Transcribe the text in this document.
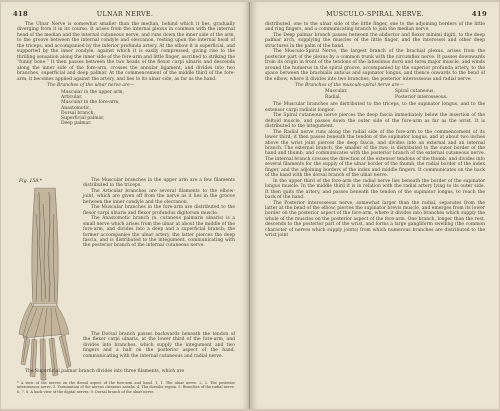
418	ULNAR NERVE.

The Ulnar Nerve is somewhat smaller than the median, behind which it lies, gradually diverging from it in its course. It arises from the internal plexus in common with the internal head of the median and the internal cutaneous nerve, and runs down the inner side of the arm, to the groove between the internal condyle and olecranon, resting upon the internal head of the triceps, and accompanied by the inferior profunda artery. At the elbow it is superficial, and supported by the inner condyle, against which it is easily compressed, giving rise to the thrilling sensation along the inner side of the fore-arm and little finger, ascribed to striking the “funny bone.” It then passes between the two heads of the flexor carpi ulnaris and descends along the inner side of the fore-arm, crosses the annular ligament, and divides into two branches, superficial and deep palmar. At the commencement of the middle third of the fore-arm, it becomes applied against the artery, and lies to its ulnar side, as far as the hand.

The Branches of the ulnar nerve are—

Muscular in the upper arm,
Articular,
Muscular in the fore-arm,
Anastomotic,
Dorsal branch,
Superficial palmar,
Deep palmar.
Fig. 158.*	The Muscular branches in the upper arm are a few filaments distributed to the triceps.

The Articular branches are several filaments to the elbow-joint, which are given off from the nerve as it lies in the groove between the inner condyle and the olecranon.

The Muscular branches in the fore-arm are distributed to the flexor carpi ulnaris and flexor profundus digitorum muscle.

The Anastomotic branch (n. cutaneus palmaris ulnaris) is a small nerve which arises from the ulnar at about the middle of the fore-arm, and divides into a deep and a superficial branch; the former accompanies the ulnar artery, the latter pierces the deep fascia, and is distributed to the integument, communicating with the posterior branch of the internal cutaneous nerve.

The Dorsal branch passes backwards beneath the tendon of the flexor carpi ulnaris, at the lower third of the fore-arm, and divides into branches, which supply the integument and two fingers and a half on the posterior aspect of the hand, communicating with the internal cutaneous and radial nerve.

The Superficial palmar branch divides into three filaments, which are

* A view of the nerves on the dorsal aspect of the fore-arm and hand. 1, 1. The ulnar nerve. 2, 2. The posterior interosseous nerve. 3. Termination of the nervus cutaneus nasalis. 4. The dorsalis region. 5. Branches of the radial nerve. 6, 7, 8. A back view of the digital nerves. 9. Dorsal branch of the ulnar nerve.
MUSCULO-SPIRAL NERVE.	419

distributed, one to the ulnar side of the little finger, one to the adjoining borders of the little and ring fingers, and a communicating branch to join the median nerve.

The Deep palmar branch passes between the abductor and flexor minimi digiti, to the deep palmar arch, supplying the muscles of the little finger, and the interossei and other deep structures in the palm of the hand.

The Musculo-Spiral Nerve, the largest branch of the brachial plexus, arises from the posterior part of the plexus by a common trunk with the circumflex nerve. It passes downwards from its origin in front of the tendons of the latissimus dorsi and teres major muscle, and winds around the humerus in the spiral groove, accompanied by the superior profunda artery, to the space between the brachialis anticus and supinator longus, and thence onwards to the bend of the elbow, where it divides into two branches, the posterior interosseous and radial nerve.

The Branches of the musculo-spiral nerve are—

Muscular,
Radial,
Spiral cutaneous,
Posterior interosseous.

The Muscular branches are distributed to the triceps, to the supinator longus, and to the extensor carpi radialis longior.

The Spiral cutaneous nerve pierces the deep fascia immediately below the insertion of the deltoid muscle, and passes down the outer side of the fore-arm as far as the wrist. It is distributed to the integument.

The Radial nerve runs along the radial side of the fore-arm to the commencement of its lower third; it then passes beneath the tendon of the supinator longus, and at about two inches above the wrist joint pierces the deep fascia, and divides into an external and an internal branch. The external branch, the smaller of the two, is distributed to the outer border of the hand and thumb, and communicates with the posterior branch of the external cutaneous nerve. The internal branch crosses the direction of the extensor tendons of the thumb, and divides into several filaments for the supply of the ulnar border of the thumb, the radial border of the index finger, and the adjoining borders of the index and middle fingers. It communicates on the back of the hand with the dorsal branch of the ulnar nerve.

In the upper third of the fore-arm the radial nerve lies beneath the border of the supinator longus muscle. In the middle third it is in relation with the radial artery lying to its outer side. It then quits the artery, and passes beneath the tendon of the supinator longus, to reach the back of the hand.

The Posterior interosseous nerve, somewhat larger than the radial, separates from the latter at the bend of the elbow, pierces the supinator brevis muscle, and emerges from its lower border on the posterior aspect of the fore-arm, where it divides into branches which supply the whole of the muscles on the posterior aspect of the fore-arm. One branch, longer than the rest, descends to the posterior part of the wrist, and forms a large gangliform swelling (the common character of nerves which supply joints) from which numerous branches are distributed to the wrist joint
